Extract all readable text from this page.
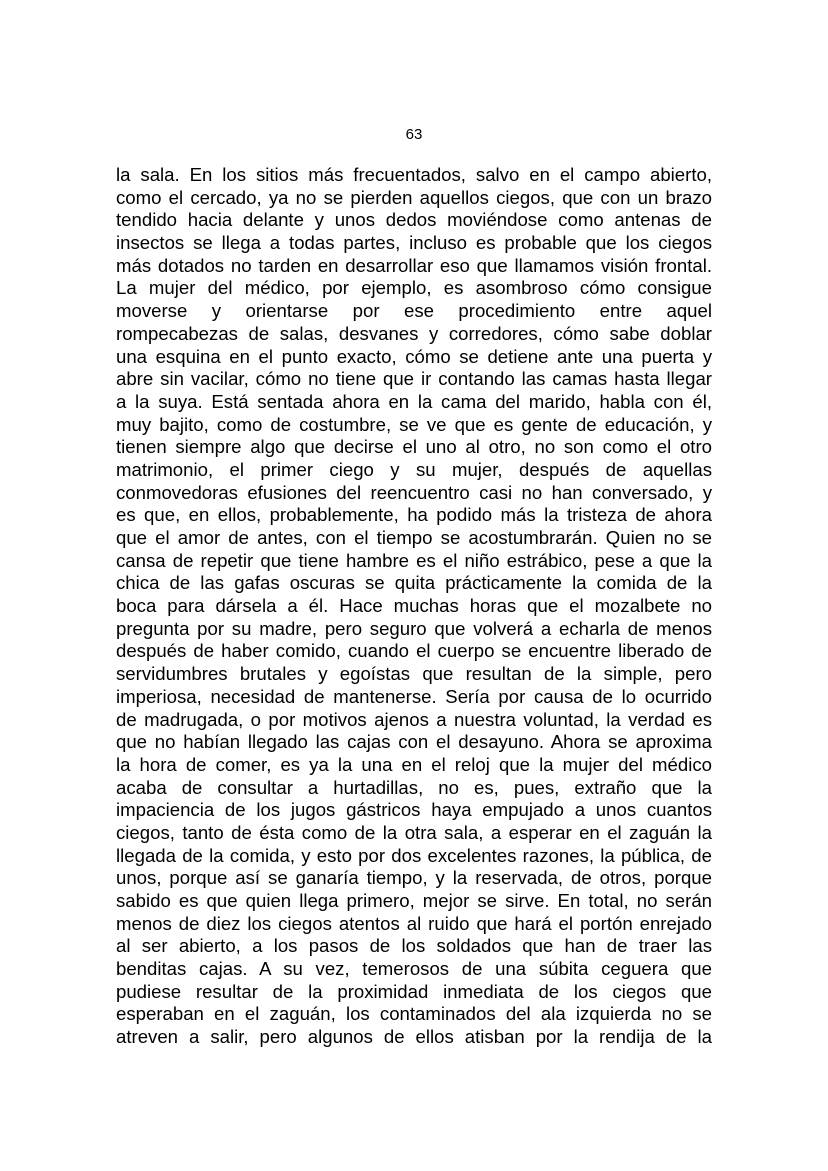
63
la sala. En los sitios más frecuentados, salvo en el campo abierto,
como el cercado, ya no se pierden aquellos ciegos, que con un brazo
tendido hacia delante y unos dedos moviéndose como antenas de
insectos se llega a todas partes, incluso es probable que los ciegos
más dotados no tarden en desarrollar eso que llamamos visión frontal.
La mujer del médico, por ejemplo, es asombroso cómo consigue
moverse y orientarse por ese procedimiento entre aquel
rompecabezas de salas, desvanes y corredores, cómo sabe doblar
una esquina en el punto exacto, cómo se detiene ante una puerta y
abre sin vacilar, cómo no tiene que ir contando las camas hasta llegar
a la suya. Está sentada ahora en la cama del marido, habla con él,
muy bajito, como de costumbre, se ve que es gente de educación, y
tienen siempre algo que decirse el uno al otro, no son como el otro
matrimonio, el primer ciego y su mujer, después de aquellas
conmovedoras efusiones del reencuentro casi no han conversado, y
es que, en ellos, probablemente, ha podido más la tristeza de ahora
que el amor de antes, con el tiempo se acostumbrarán. Quien no se
cansa de repetir que tiene hambre es el niño estrábico, pese a que la
chica de las gafas oscuras se quita prácticamente la comida de la
boca para dársela a él. Hace muchas horas que el mozalbete no
pregunta por su madre, pero seguro que volverá a echarla de menos
después de haber comido, cuando el cuerpo se encuentre liberado de
servidumbres brutales y egoístas que resultan de la simple, pero
imperiosa, necesidad de mantenerse. Sería por causa de lo ocurrido
de madrugada, o por motivos ajenos a nuestra voluntad, la verdad es
que no habían llegado las cajas con el desayuno. Ahora se aproxima
la hora de comer, es ya la una en el reloj que la mujer del médico
acaba de consultar a hurtadillas, no es, pues, extraño que la
impaciencia de los jugos gástricos haya empujado a unos cuantos
ciegos, tanto de ésta como de la otra sala, a esperar en el zaguán la
llegada de la comida, y esto por dos excelentes razones, la pública, de
unos, porque así se ganaría tiempo, y la reservada, de otros, porque
sabido es que quien llega primero, mejor se sirve. En total, no serán
menos de diez los ciegos atentos al ruido que hará el portón enrejado
al ser abierto, a los pasos de los soldados que han de traer las
benditas cajas. A su vez, temerosos de una súbita ceguera que
pudiese resultar de la proximidad inmediata de los ciegos que
esperaban en el zaguán, los contaminados del ala izquierda no se
atreven a salir, pero algunos de ellos atisban por la rendija de la
